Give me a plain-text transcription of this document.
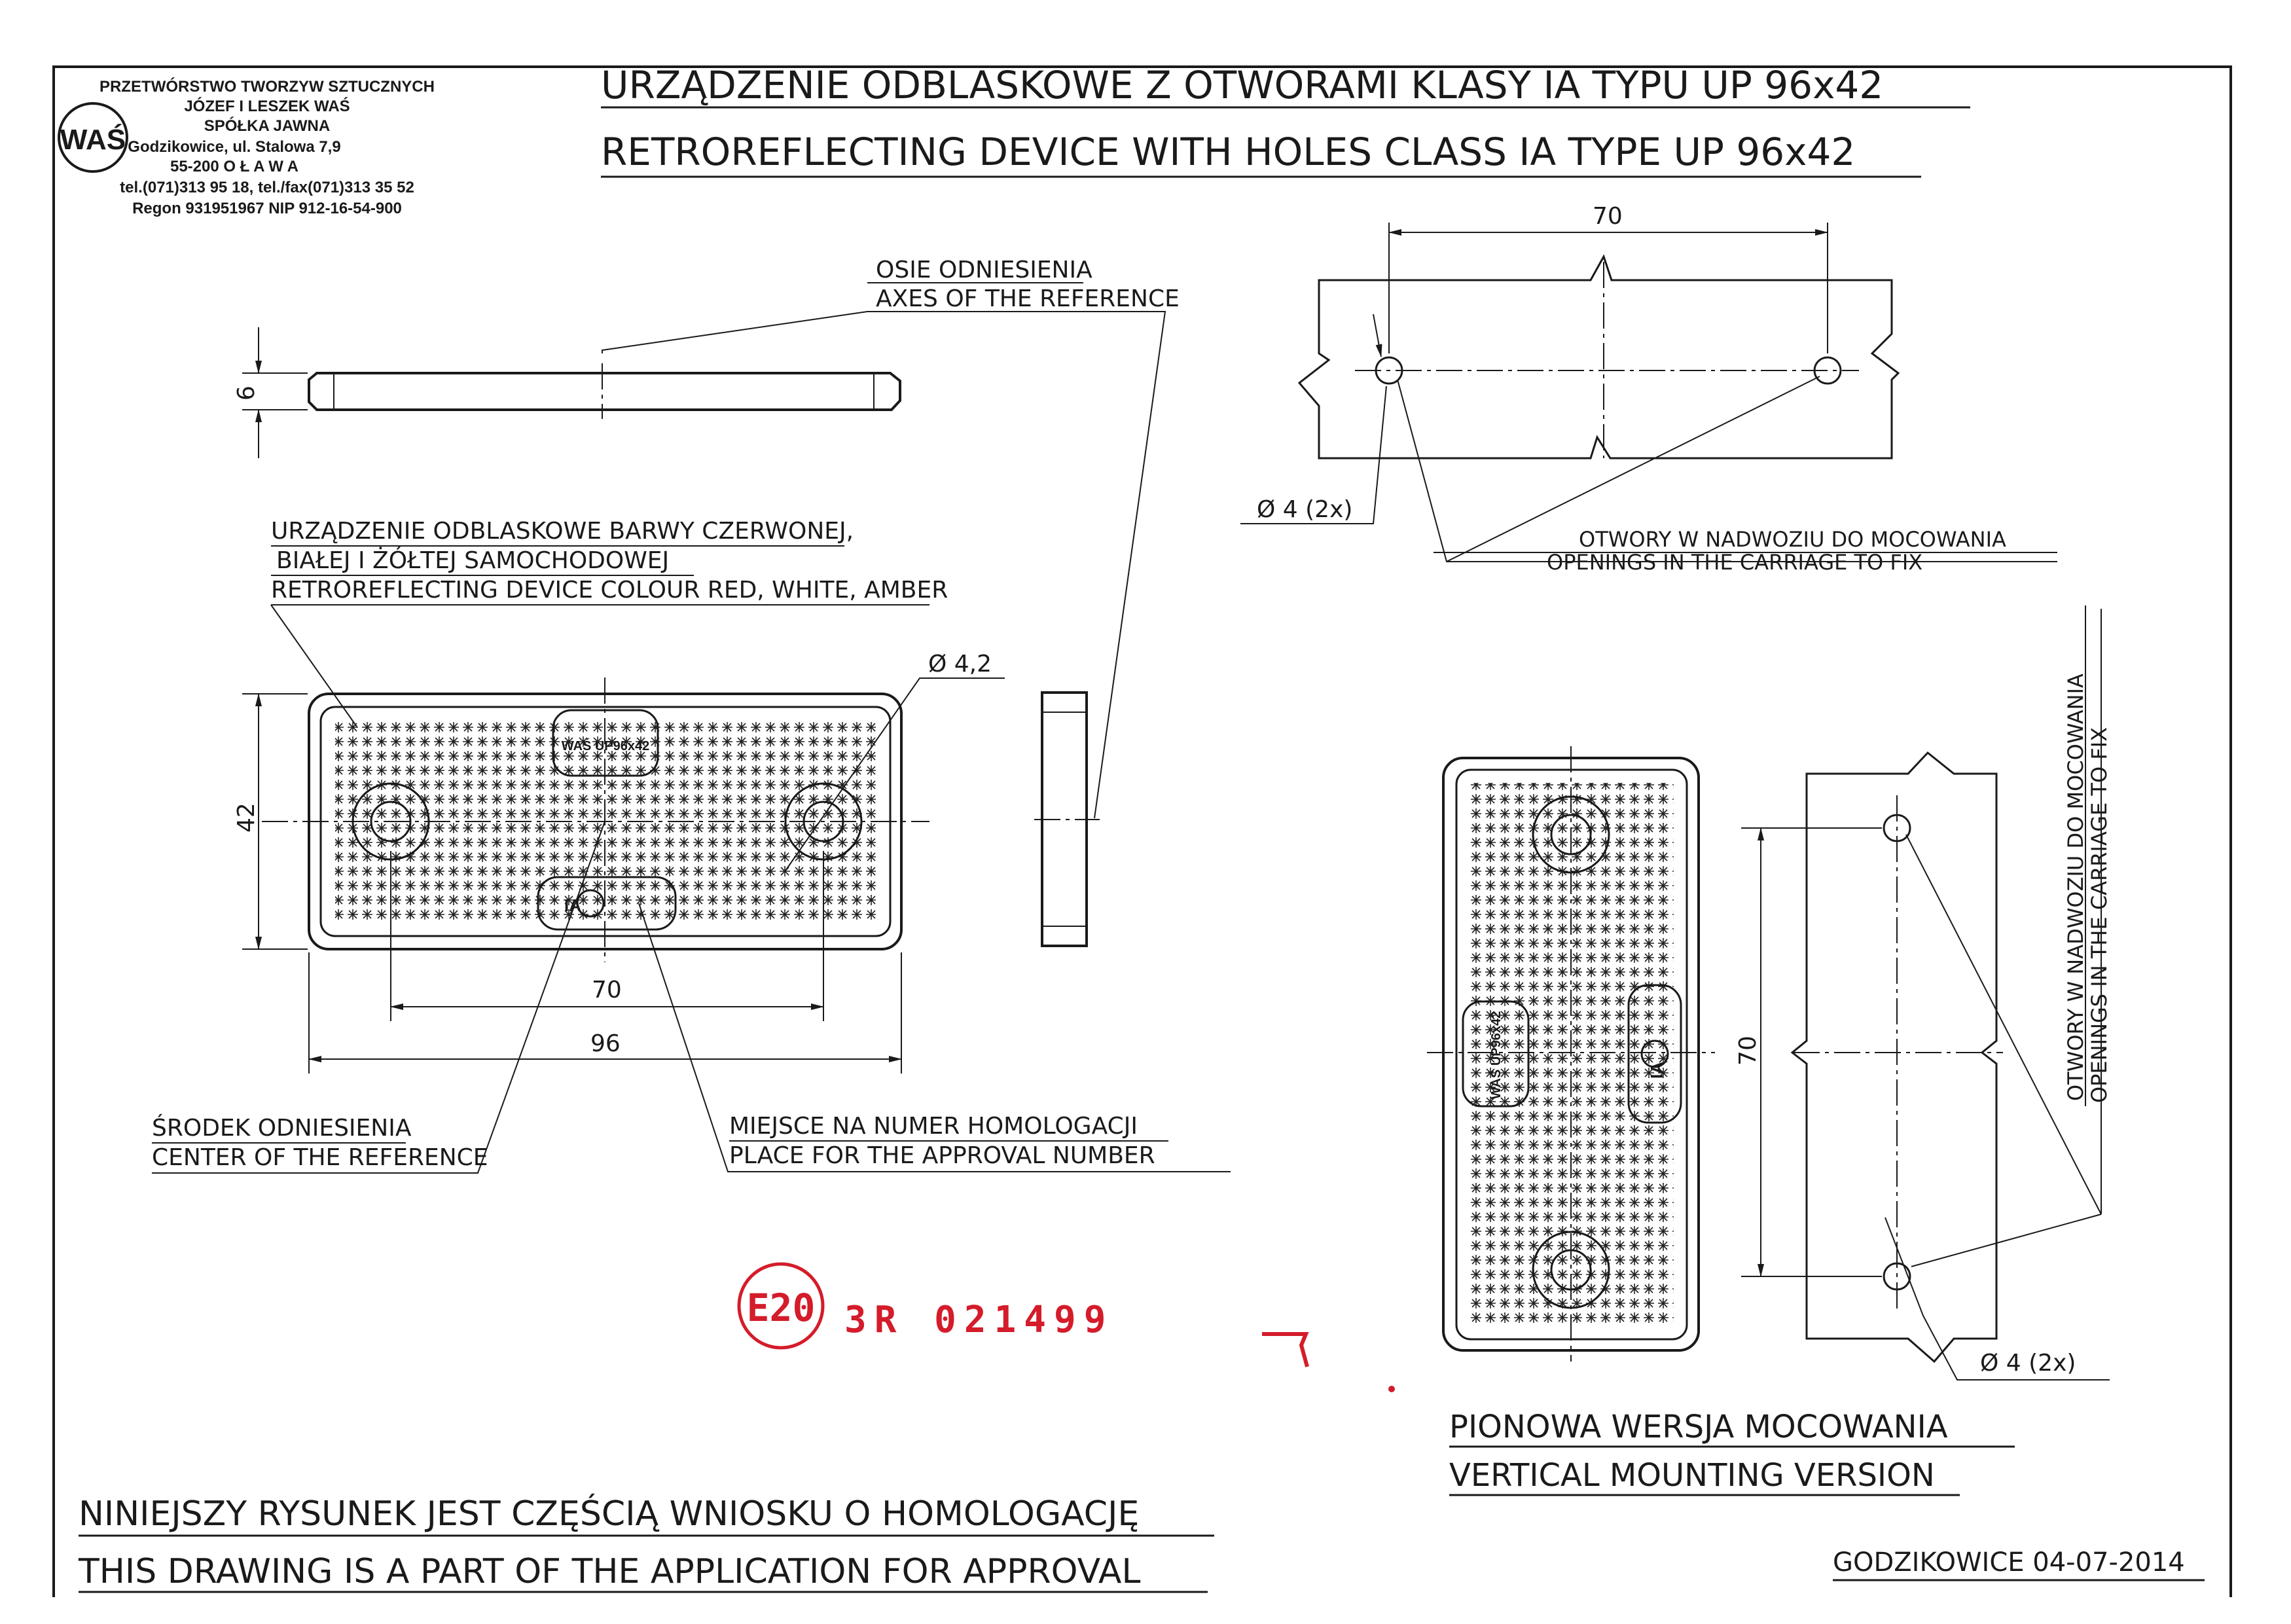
WAŚ
PRZETWÓRSTWO TWORZYW SZTUCZNYCH
JÓZEF I LESZEK WAŚ
SPÓŁKA JAWNA
Godzikowice, ul. Stalowa 7,9
55-200 O Ł A W A
tel.(071)313 95 18, tel./fax(071)313 35 52
Regon 931951967 NIP 912-16-54-900
URZĄDZENIE ODBLASKOWE Z OTWORAMI KLASY IA TYPU UP 96x42
RETROREFLECTING DEVICE WITH HOLES CLASS IA TYPE UP 96x42
6
OSIE ODNIESIENIA
AXES OF THE REFERENCE
42
70
96
Ø 4,2
WAŚ UP96x42
IA
URZĄDZENIE ODBLASKOWE BARWY CZERWONEJ,
BIAŁEJ I ŻÓŁTEJ SAMOCHODOWEJ
RETROREFLECTING DEVICE COLOUR RED, WHITE, AMBER
ŚRODEK ODNIESIENIA
CENTER OF THE REFERENCE
MIEJSCE NA NUMER HOMOLOGACJI
PLACE FOR THE APPROVAL NUMBER
70
Ø 4 (2x)
OTWORY W NADWOZIU DO MOCOWANIA
OPENINGS IN THE CARRIAGE TO FIX
WAŚ UP96x42	IA
70
Ø 4 (2x)
OTWORY W NADWOZIU DO MOCOWANIA
OPENINGS IN THE CARRIAGE TO FIX
PIONOWA WERSJA MOCOWANIA
VERTICAL MOUNTING VERSION
E20 3R 021499
NINIEJSZY RYSUNEK JEST CZĘŚCIĄ WNIOSKU O HOMOLOGACJĘ
THIS DRAWING IS A PART OF THE APPLICATION FOR APPROVAL	GODZIKOWICE 04-07-2014
